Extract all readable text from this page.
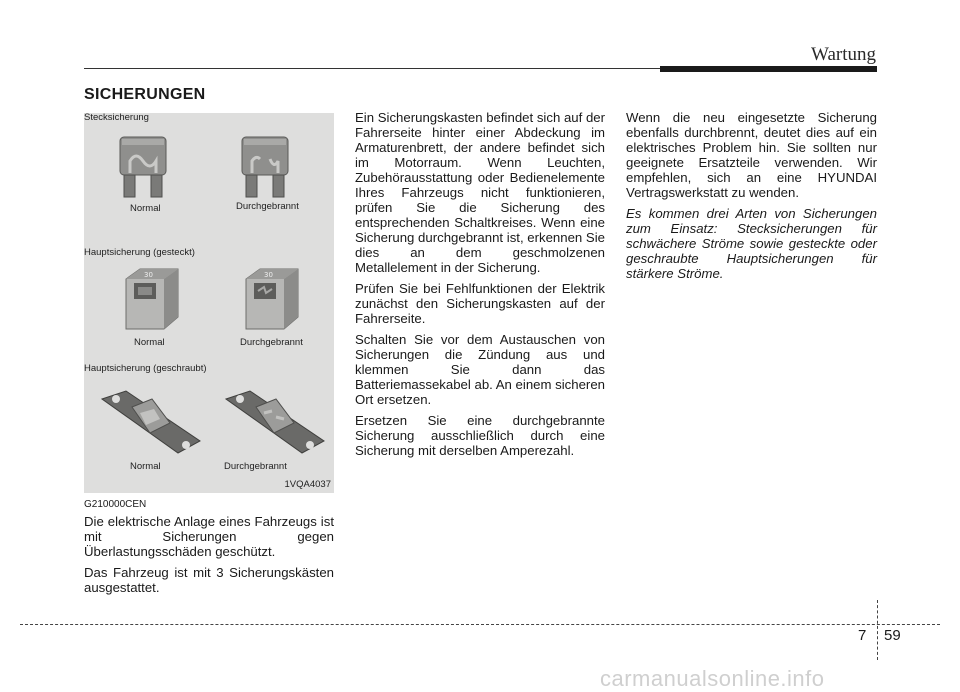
Wartung
SICHERUNGEN
Stecksicherung
Normal	Durchgebrannt
Hauptsicherung (gesteckt)
30
Normal
30
Durchgebrannt
Hauptsicherung (geschraubt)
Normal	Durchgebrannt
1VQA4037
G210000CEN

Die elektrische Anlage eines Fahrzeugs ist mit Sicherungen gegen Überlastungsschäden geschützt.

Das Fahrzeug ist mit 3 Sicherungskästen ausgestattet.

Ein Sicherungskasten befindet sich auf der Fahrerseite hinter einer Abdeckung im Armaturenbrett, der andere befindet sich im Motorraum. Wenn Leuchten, Zubehörausstattung oder Bedienelemente Ihres Fahrzeugs nicht funktionieren, prüfen Sie die Sicherung des entsprechenden Schaltkreises. Wenn eine Sicherung durchgebrannt ist, erkennen Sie dies an dem geschmolzenen Metallelement in der Sicherung.

Prüfen Sie bei Fehlfunktionen der Elektrik zunächst den Sicherungskasten auf der Fahrerseite.

Schalten Sie vor dem Austauschen von Sicherungen die Zündung aus und klemmen Sie dann das Batteriemassekabel ab. An einem sicheren Ort ersetzen.

Ersetzen Sie eine durchgebrannte Sicherung ausschließlich durch eine Sicherung mit derselben Amperezahl.

Wenn die neu eingesetzte Sicherung ebenfalls durchbrennt, deutet dies auf ein elektrisches Problem hin. Sie sollten nur geeignete Ersatzteile verwenden. Wir empfehlen, sich an eine HYUNDAI Vertragswerkstatt zu wenden.

Es kommen drei Arten von Sicherungen zum Einsatz: Stecksicherungen für schwächere Ströme sowie gesteckte oder geschraubte Hauptsicherungen für stärkere Ströme.

7 59
carmanualsonline.info
